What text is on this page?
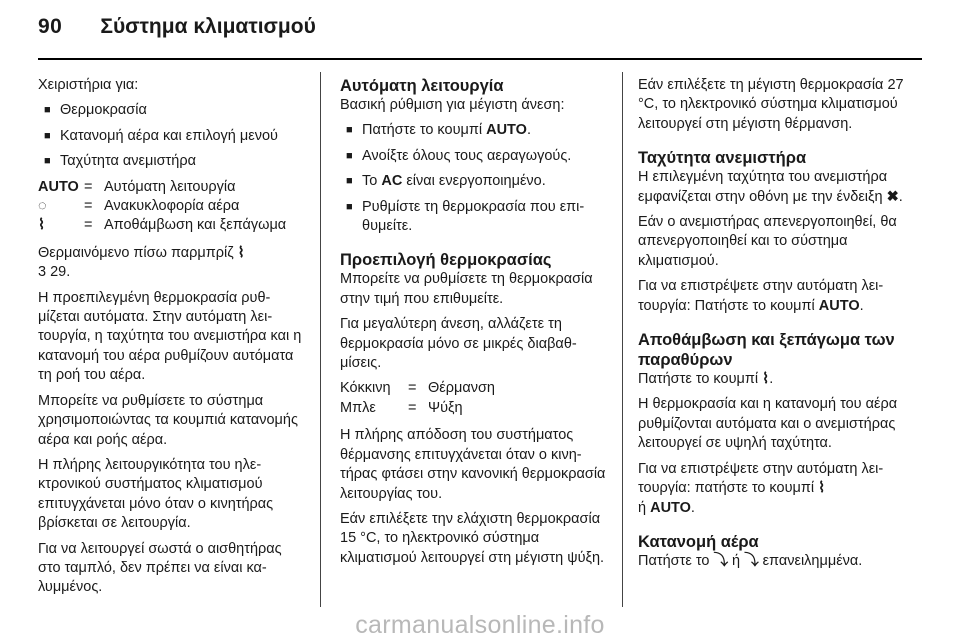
90 Σύστημα κλιματισμού

Χειριστήρια για:

■ Θερμοκρασία
■ Κατανομή αέρα και επιλογή μενού
■ Ταχύτητα ανεμιστήρα
AUTO = Αυτόματη λειτουργία
◌	= Ανακυκλοφορία αέρα
⌇	= Αποθάμβωση και ξεπάγωμα

Θερμαινόμενο πίσω παρμπρίζ ⌇
3 29.

Η προεπιλεγμένη θερμοκρασία ρυθμίζεται αυτόματα. Στην αυτόματη λειτουργία, η ταχύτητα του ανεμιστήρα και η κατανομή του αέρα ρυθμίζουν αυτόματα τη ροή του αέρα.

Μπορείτε να ρυθμίσετε το σύστημα χρησιμοποιώντας τα κουμπιά κατανομής αέρα και ροής αέρα.

Η πλήρης λειτουργικότητα του ηλεκτρονικού συστήματος κλιματισμού επιτυγχάνεται μόνο όταν ο κινητήρας βρίσκεται σε λειτουργία.

Για να λειτουργεί σωστά ο αισθητήρας στο ταμπλό, δεν πρέπει να είναι καλυμμένος.

Αυτόματη λειτουργία

Βασική ρύθμιση για μέγιστη άνεση:

■ Πατήστε το κουμπί AUTO.
■ Ανοίξτε όλους τους αεραγωγούς.
■ Το AC είναι ενεργοποιημένο.
■ Ρυθμίστε τη θερμοκρασία που επιθυμείτε.
Προεπιλογή θερμοκρασίας

Μπορείτε να ρυθμίσετε τη θερμοκρασία στην τιμή που επιθυμείτε.

Για μεγαλύτερη άνεση, αλλάζετε τη θερμοκρασία μόνο σε μικρές διαβαθμίσεις.

Κόκκινη	= Θέρμανση
Μπλε	= Ψύξη

Η πλήρης απόδοση του συστήματος θέρμανσης επιτυγχάνεται όταν ο κινητήρας φτάσει στην κανονική θερμοκρασία λειτουργίας του.

Εάν επιλέξετε την ελάχιστη θερμοκρασία 15 °C, το ηλεκτρονικό σύστημα κλιματισμού λειτουργεί στη μέγιστη ψύξη.

Εάν επιλέξετε τη μέγιστη θερμοκρασία 27 °C, το ηλεκτρονικό σύστημα κλιματισμού λειτουργεί στη μέγιστη θέρμανση.

Ταχύτητα ανεμιστήρα

Η επιλεγμένη ταχύτητα του ανεμιστήρα εμφανίζεται στην οθόνη με την ένδειξη ✖.

Εάν ο ανεμιστήρας απενεργοποιηθεί, θα απενεργοποιηθεί και το σύστημα κλιματισμού.

Για να επιστρέψετε στην αυτόματη λειτουργία: Πατήστε το κουμπί AUTO.

Αποθάμβωση και ξεπάγωμα των παραθύρων

Πατήστε το κουμπί ⌇.

Η θερμοκρασία και η κατανομή του αέρα ρυθμίζονται αυτόματα και ο ανεμιστήρας λειτουργεί σε υψηλή ταχύτητα.

Για να επιστρέψετε στην αυτόματη λειτουργία: πατήστε το κουμπί ⌇
ή AUTO.

Κατανομή αέρα

Πατήστε το ⤵ ή ⤵ επανειλημμένα.

carmanualsonline.info
